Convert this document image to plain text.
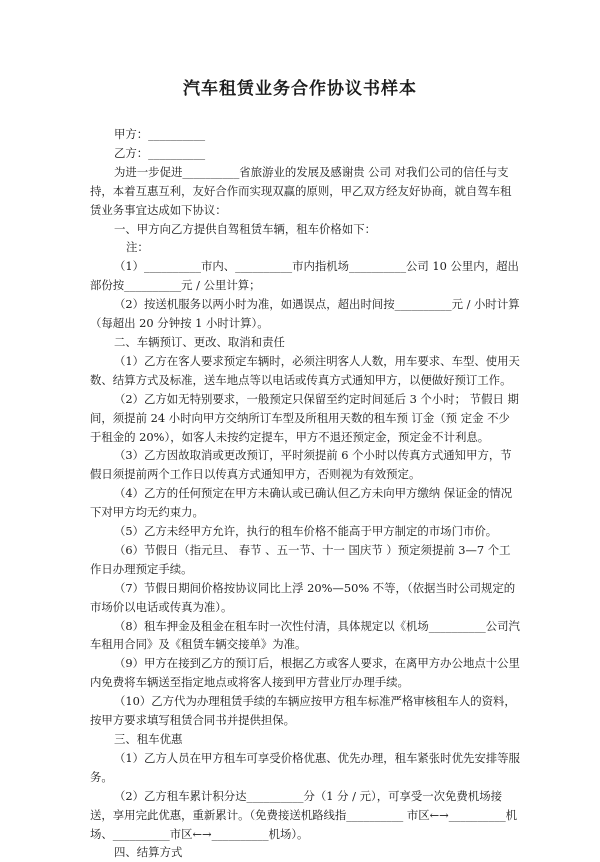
汽车租赁业务合作协议书样本

甲方：__________

乙方：__________

为进一步促进__________省旅游业的发展及感谢贵 公司 对我们公司的信任与支持，本着互惠互利，友好合作而实现双赢的原则，甲乙双方经友好协商，就自驾车租赁业务事宜达成如下协议：

一、甲方向乙方提供自驾租赁车辆，租车价格如下：

注：

（1）__________市内、__________市内指机场__________公司 10 公里内，超出部份按__________元 / 公里计算；

（2）按送机服务以两小时为准，如遇误点，超出时间按__________元 / 小时计算（每超出 20 分钟按 1 小时计算）。

二、车辆预订、更改、取消和责任

（1）乙方在客人要求预定车辆时，必须注明客人人数，用车要求、车型、使用天数、结算方式及标准，送车地点等以电话或传真方式通知甲方，以便做好预订工作。

（2）乙方如无特别要求，一般预定只保留至约定时间延后 3 个小时； 节假日 期间，须提前 24 小时向甲方交纳所订车型及所租用天数的租车预 订金（预 定金 不少于租金的 20%），如客人未按约定提车，甲方不退还预定金，预定金不计利息。

（3）乙方因故取消或更改预订，平时须提前 6 个小时以传真方式通知甲方，节假日须提前两个工作日以传真方式通知甲方，否则视为有效预定。

（4）乙方的任何预定在甲方未确认或已确认但乙方未向甲方缴纳 保证金的情况下对甲方均无约束力。

（5）乙方未经甲方允许，执行的租车价格不能高于甲方制定的市场门市价。

（6）节假日（指元旦、 春节 、五一节、十一 国庆节 ）预定须提前 3—7 个工作日办理预定手续。

（7）节假日期间价格按协议同比上浮 20%—50% 不等，（依据当时公司规定的市场价以电话或传真为准）。

（8）租车押金及租金在租车时一次性付清，具体规定以《机场__________公司汽车租用合同》及《租赁车辆交接单》为准。

（9）甲方在接到乙方的预订后，根据乙方或客人要求，在离甲方办公地点十公里内免费将车辆送至指定地点或将客人接到甲方营业厅办理手续。

（10）乙方代为办理租赁手续的车辆应按甲方租车标准严格审核租车人的资料，按甲方要求填写租赁合同书并提供担保。

三、租车优惠

（1）乙方人员在甲方租车可享受价格优惠、优先办理，租车紧张时优先安排等服务。

（2）乙方租车累计积分达__________分（1 分 / 元），可享受一次免费机场接送，享用完此优惠，重新累计。（免费接送机路线指__________ 市区←→__________机场、__________市区←→__________机场）。

四、结算方式
